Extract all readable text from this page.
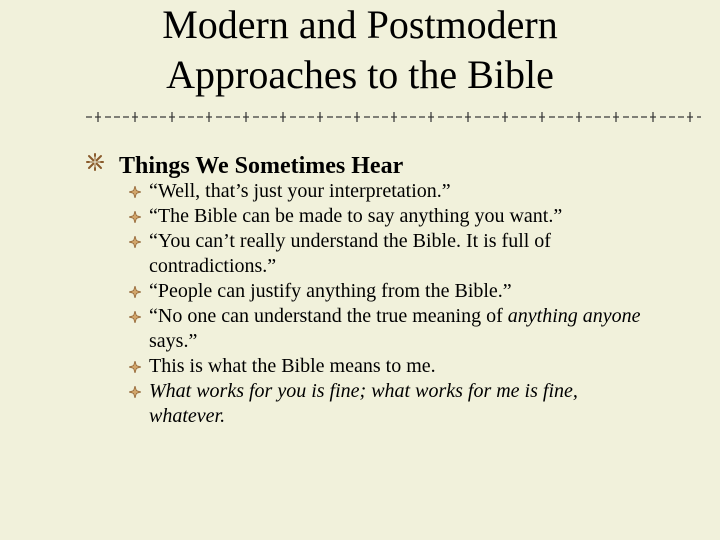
Modern and Postmodern
Approaches to the Bible
Things We Sometimes Hear
“Well, that’s just your interpretation.”
“The Bible can be made to say anything you want.”
“You can’t really understand the Bible. It is full of contradictions.”
“People can justify anything from the Bible.”
“No one can understand the true meaning of anything anyone says.”
This is what the Bible means to me.
What works for you is fine; what works for me is fine, whatever.
